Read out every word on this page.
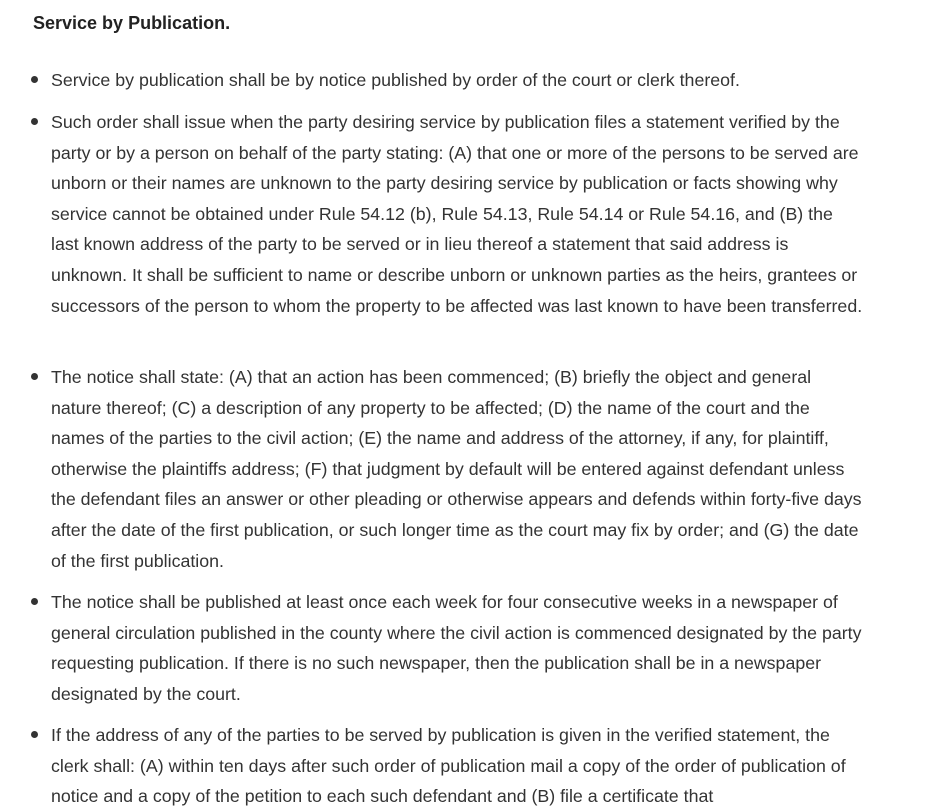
Service by Publication.

Service by publication shall be by notice published by order of the court or clerk thereof.

Such order shall issue when the party desiring service by publication files a statement verified by the party or by a person on behalf of the party stating: (A) that one or more of the persons to be served are unborn or their names are unknown to the party desiring service by publication or facts showing why service cannot be obtained under Rule 54.12 (b), Rule 54.13, Rule 54.14 or Rule 54.16, and (B) the last known address of the party to be served or in lieu thereof a statement that said address is unknown. It shall be sufficient to name or describe unborn or unknown parties as the heirs, grantees or successors of the person to whom the property to be affected was last known to have been transferred.

The notice shall state: (A) that an action has been commenced; (B) briefly the object and general nature thereof; (C) a description of any property to be affected; (D) the name of the court and the names of the parties to the civil action; (E) the name and address of the attorney, if any, for plaintiff, otherwise the plaintiffs address; (F) that judgment by default will be entered against defendant unless the defendant files an answer or other pleading or otherwise appears and defends within forty-five days after the date of the first publication, or such longer time as the court may fix by order; and (G) the date of the first publication.

The notice shall be published at least once each week for four consecutive weeks in a newspaper of general circulation published in the county where the civil action is commenced designated by the party requesting publication. If there is no such newspaper, then the publication shall be in a newspaper designated by the court.

If the address of any of the parties to be served by publication is given in the verified statement, the clerk shall: (A) within ten days after such order of publication mail a copy of the order of publication of notice and a copy of the petition to each such defendant and (B) file a certificate that
